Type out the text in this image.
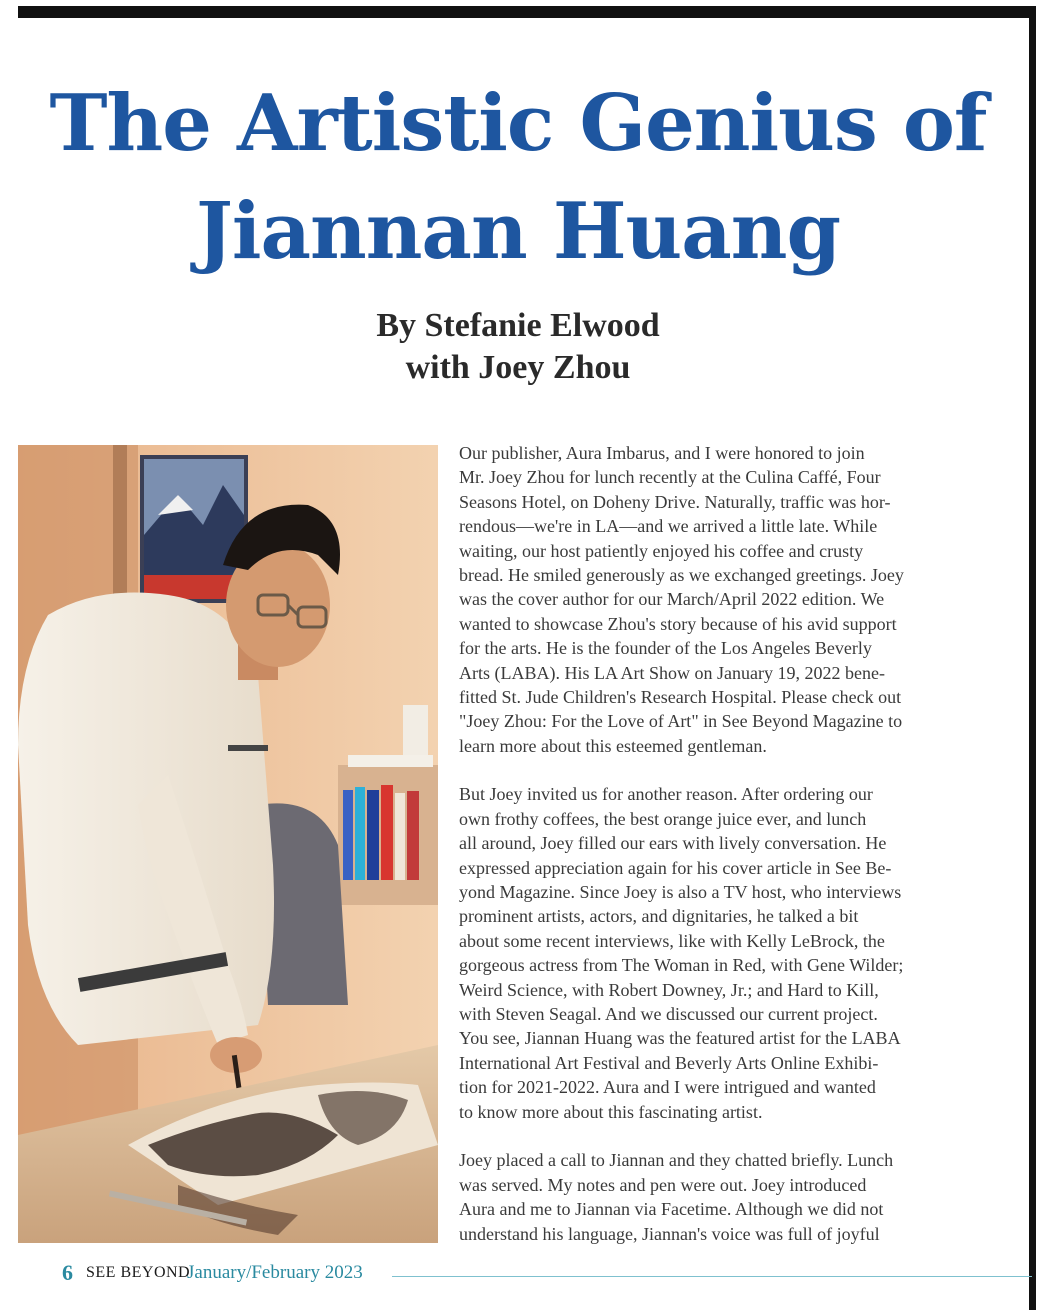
The Artistic Genius of
Jiannan Huang
By Stefanie Elwood
with Joey Zhou
Our publisher, Aura Imbarus, and I were honored to join
Mr. Joey Zhou for lunch recently at the Culina Caffé, Four
Seasons Hotel, on Doheny Drive. Naturally, traffic was hor-
rendous—we're in LA—and we arrived a little late. While
waiting, our host patiently enjoyed his coffee and crusty
bread. He smiled generously as we exchanged greetings. Joey
was the cover author for our March/April 2022 edition. We
wanted to showcase Zhou's story because of his avid support
for the arts. He is the founder of the Los Angeles Beverly
Arts (LABA). His LA Art Show on January 19, 2022 bene-
fitted St. Jude Children's Research Hospital. Please check out
"Joey Zhou: For the Love of Art" in See Beyond Magazine to
learn more about this esteemed gentleman.
But Joey invited us for another reason. After ordering our
own frothy coffees, the best orange juice ever, and lunch
all around, Joey filled our ears with lively conversation. He
expressed appreciation again for his cover article in See Be-
yond Magazine. Since Joey is also a TV host, who interviews
prominent artists, actors, and dignitaries, he talked a bit
about some recent interviews, like with Kelly LeBrock, the
gorgeous actress from The Woman in Red, with Gene Wilder;
Weird Science, with Robert Downey, Jr.; and Hard to Kill,
with Steven Seagal. And we discussed our current project.
You see, Jiannan Huang was the featured artist for the LABA
International Art Festival and Beverly Arts Online Exhibi-
tion for 2021-2022. Aura and I were intrigued and wanted
to know more about this fascinating artist.
Joey placed a call to Jiannan and they chatted briefly. Lunch
was served. My notes and pen were out. Joey introduced
Aura and me to Jiannan via Facetime. Although we did not
understand his language, Jiannan's voice was full of joyful
6 SEE BEYOND
January/February 2023
